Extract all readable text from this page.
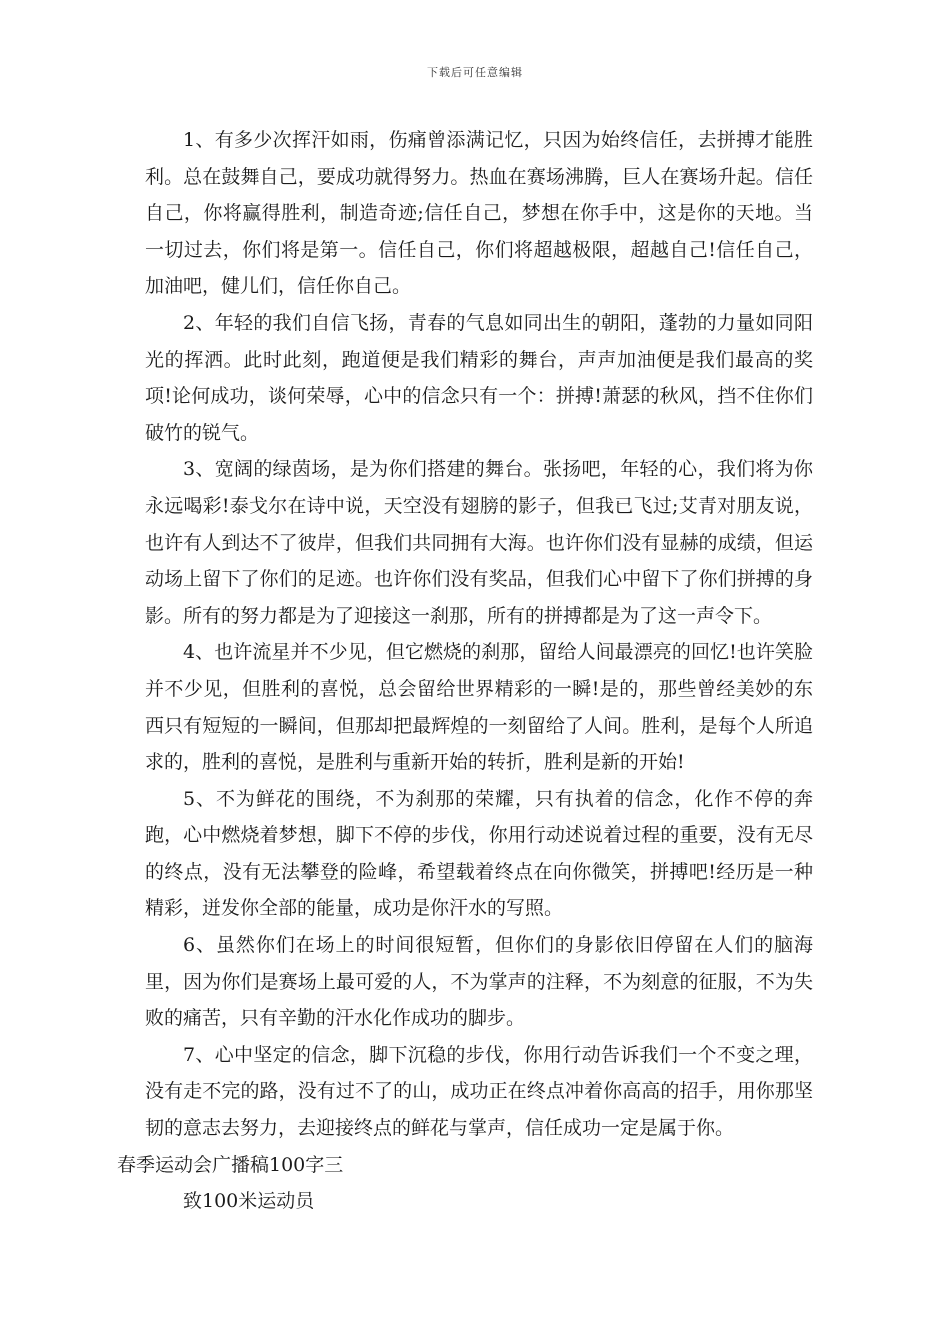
下载后可任意编辑

1、有多少次挥汗如雨，伤痛曾添满记忆，只因为始终信任，去拼搏才能胜利。总在鼓舞自己，要成功就得努力。热血在赛场沸腾，巨人在赛场升起。信任自己，你将赢得胜利，制造奇迹;信任自己，梦想在你手中，这是你的天地。当一切过去，你们将是第一。信任自己，你们将超越极限，超越自己!信任自己，加油吧，健儿们，信任你自己。

2、年轻的我们自信飞扬，青春的气息如同出生的朝阳，蓬勃的力量如同阳光的挥洒。此时此刻，跑道便是我们精彩的舞台，声声加油便是我们最高的奖项!论何成功，谈何荣辱，心中的信念只有一个：拼搏!萧瑟的秋风，挡不住你们破竹的锐气。

3、宽阔的绿茵场，是为你们搭建的舞台。张扬吧，年轻的心，我们将为你永远喝彩!泰戈尔在诗中说，天空没有翅膀的影子，但我已飞过;艾青对朋友说，也许有人到达不了彼岸，但我们共同拥有大海。也许你们没有显赫的成绩，但运动场上留下了你们的足迹。也许你们没有奖品，但我们心中留下了你们拼搏的身影。所有的努力都是为了迎接这一刹那，所有的拼搏都是为了这一声令下。

4、也许流星并不少见，但它燃烧的刹那，留给人间最漂亮的回忆!也许笑脸并不少见，但胜利的喜悦，总会留给世界精彩的一瞬!是的，那些曾经美妙的东西只有短短的一瞬间，但那却把最辉煌的一刻留给了人间。胜利，是每个人所追求的，胜利的喜悦，是胜利与重新开始的转折，胜利是新的开始!

5、不为鲜花的围绕，不为刹那的荣耀，只有执着的信念，化作不停的奔跑，心中燃烧着梦想，脚下不停的步伐，你用行动述说着过程的重要，没有无尽的终点，没有无法攀登的险峰，希望载着终点在向你微笑，拼搏吧!经历是一种精彩，迸发你全部的能量，成功是你汗水的写照。

6、虽然你们在场上的时间很短暂，但你们的身影依旧停留在人们的脑海里，因为你们是赛场上最可爱的人，不为掌声的注释，不为刻意的征服，不为失败的痛苦，只有辛勤的汗水化作成功的脚步。

7、心中坚定的信念，脚下沉稳的步伐，你用行动告诉我们一个不变之理，没有走不完的路，没有过不了的山，成功正在终点冲着你高高的招手，用你那坚韧的意志去努力，去迎接终点的鲜花与掌声，信任成功一定是属于你。

春季运动会广播稿100字三

致100米运动员
